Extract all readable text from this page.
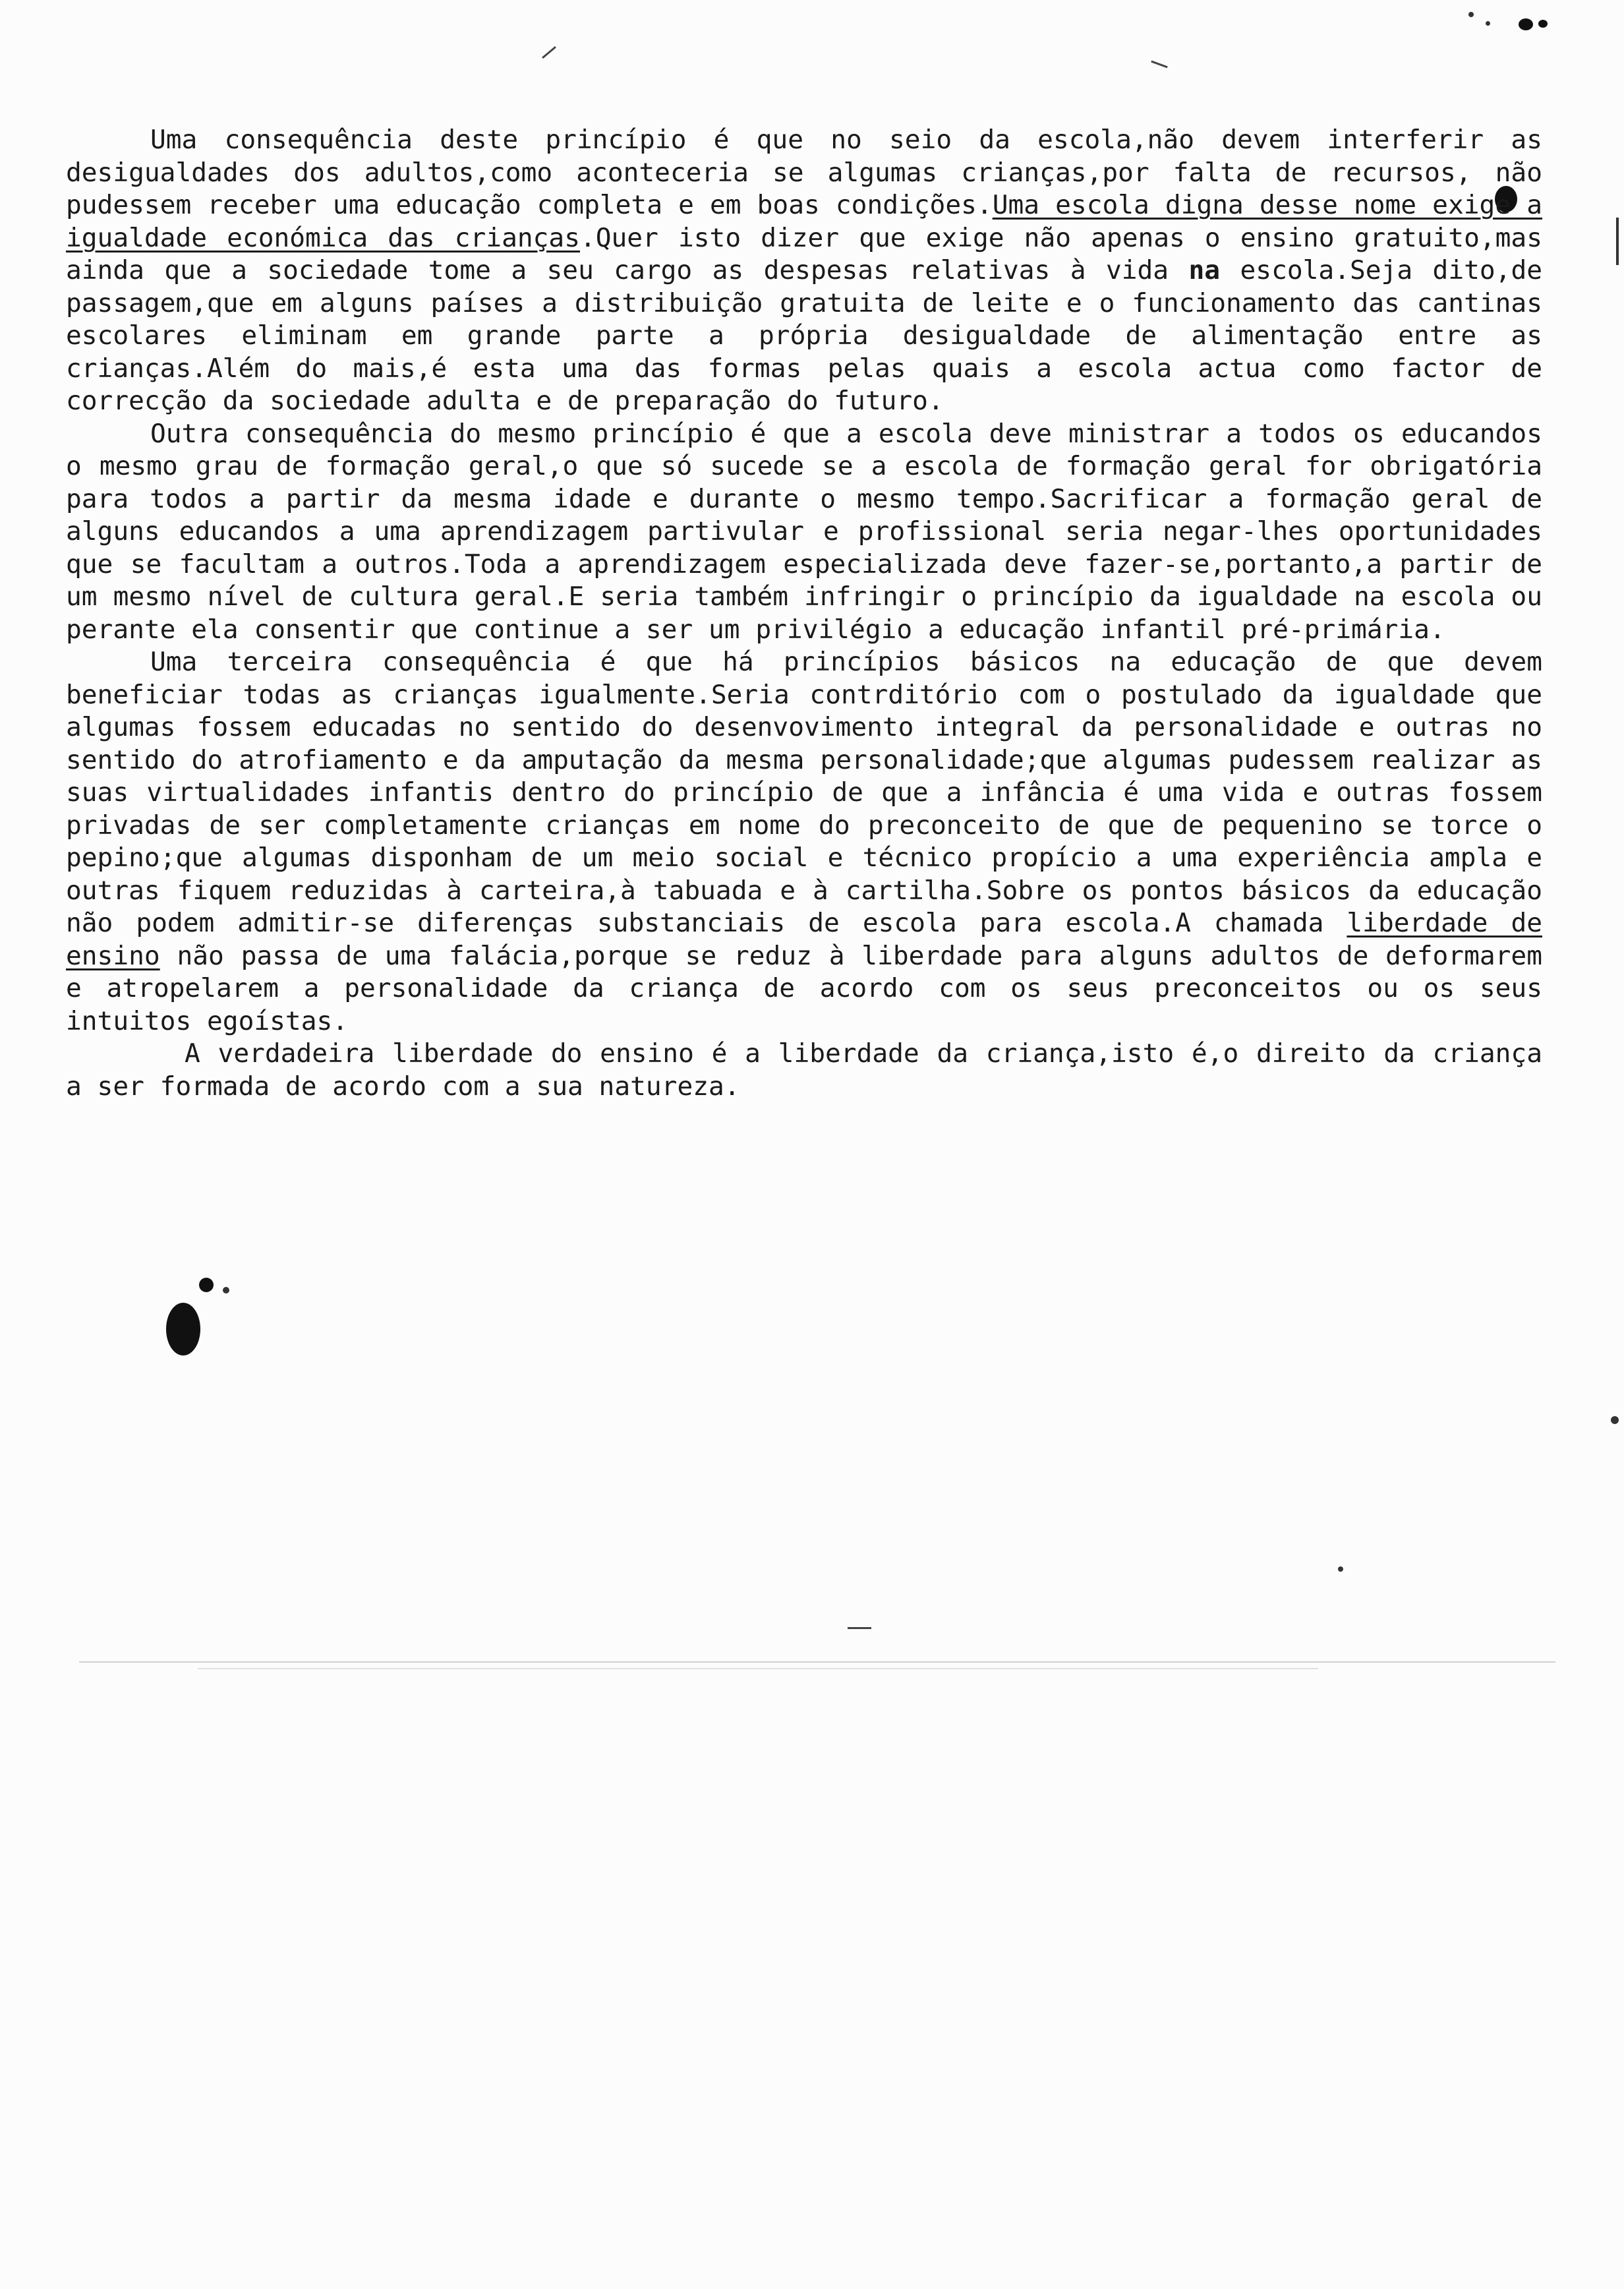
Uma consequência deste princípio é que no seio da escola,não devem interferir as desigualdades dos adultos,como aconteceria se algumas crianças,por falta de recursos, não pudessem receber uma educação completa e em boas condições.Uma escola digna desse nome exige a igualdade económica das crianças.Quer isto dizer que exige não apenas o ensino gratuito,mas ainda que a sociedade tome a seu cargo as despesas relativas à vida na escola.Seja dito,de passagem,que em alguns países a distribuição gratuita de leite e o funcionamento das cantinas escolares eliminam em grande parte a própria desigualdade de alimentação entre as crianças.Além do mais,é esta uma das formas pelas quais a escola actua como factor de correcção da sociedade adulta e de preparação do futuro.

Outra consequência do mesmo princípio é que a escola deve ministrar a todos os educandos o mesmo grau de formação geral,o que só sucede se a escola de formação geral for obrigatória para todos a partir da mesma idade e durante o mesmo tempo.Sacrificar a formação geral de alguns educandos a uma aprendizagem partivular e profissional seria negar-lhes oportunidades que se facultam a outros.Toda a aprendizagem especializada deve fazer-se,portanto,a partir de um mesmo nível de cultura geral.E seria também infringir o princípio da igualdade na escola ou perante ela consentir que continue a ser um privilégio a educação infantil pré-primária.

Uma terceira consequência é que há princípios básicos na educação de que devem beneficiar todas as crianças igualmente.Seria contrditório com o postulado da igualdade que algumas fossem educadas no sentido do desenvovimento integral da personalidade e outras no sentido do atrofiamento e da amputação da mesma personalidade;que algumas pudessem realizar as suas virtualidades infantis dentro do princípio de que a infância é uma vida e outras fossem privadas de ser completamente crianças em nome do preconceito de que de pequenino se torce o pepino;que algumas disponham de um meio social e técnico propício a uma experiência ampla e outras fiquem reduzidas à carteira,à tabuada e à cartilha.Sobre os pontos básicos da educação não podem admitir-se diferenças substanciais de escola para escola.A chamada liberdade de ensino não passa de uma falácia,porque se reduz à liberdade para alguns adultos de deformarem e atropelarem a personalidade da criança de acordo com os seus preconceitos ou os seus intuitos egoístas.

A verdadeira liberdade do ensino é a liberdade da criança,isto é,o direito da criança a ser formada de acordo com a sua natureza.
